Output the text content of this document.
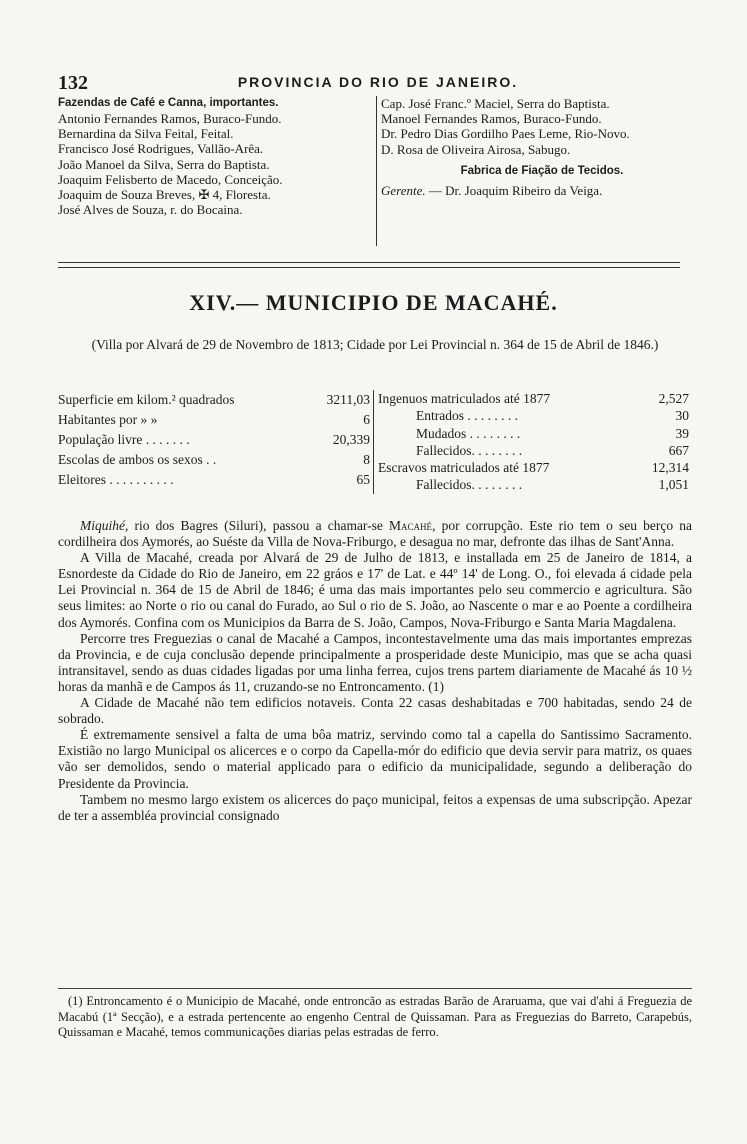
132	PROVINCIA DO RIO DE JANEIRO.
Fazendas de Café e Canna, importantes.
Antonio Fernandes Ramos, Buraco-Fundo.
Bernardina da Silva Feital, Feital.
Francisco José Rodrigues, Vallão-Arêa.
João Manoel da Silva, Serra do Baptista.
Joaquim Felisberto de Macedo, Conceição.
Joaquim de Souza Breves, ✠ 4, Floresta.
José Alves de Souza, r. do Bocaina.
Cap. José Franc.º Maciel, Serra do Baptista.
Manoel Fernandes Ramos, Buraco-Fundo.
Dr. Pedro Dias Gordilho Paes Leme, Rio-Novo.
D. Rosa de Oliveira Airosa, Sabugo.
Fabrica de Fiação de Tecidos.
Gerente. — Dr. Joaquim Ribeiro da Veiga.
XIV.— MUNICIPIO DE MACAHÉ.
(Villa por Alvará de 29 de Novembro de 1813; Cidade por Lei Provincial n. 364 de 15 de Abril de 1846.)
Superficie em kilom.² quadrados	3211,03
Habitantes por » »	6
População livre . . . . . . .	20,339
Escolas de ambos os sexos . .	8
Eleitores . . . . . . . . . .	65
Ingenuos matriculados até 1877	2,527
Entrados . . . . . . . .	30
Mudados . . . . . . . .	39
Fallecidos. . . . . . . .	667
Escravos matriculados até 1877	12,314
Fallecidos. . . . . . . .	1,051

Miquihé, rio dos Bagres (Siluri), passou a chamar-se Macahé, por corrupção. Este rio tem o seu berço na cordilheira dos Aymorés, ao Suéste da Villa de Nova-Friburgo, e desagua no mar, defronte das ilhas de Sant'Anna.

A Villa de Macahé, creada por Alvará de 29 de Julho de 1813, e installada em 25 de Janeiro de 1814, a Esnordeste da Cidade do Rio de Janeiro, em 22 gráos e 17' de Lat. e 44º 14' de Long. O., foi elevada á cidade pela Lei Provincial n. 364 de 15 de Abril de 1846; é uma das mais importantes pelo seu commercio e agricultura. São seus limites: ao Norte o rio ou canal do Furado, ao Sul o rio de S. João, ao Nascente o mar e ao Poente a cordilheira dos Aymorés. Confina com os Municipios da Barra de S. João, Campos, Nova-Friburgo e Santa Maria Magdalena.

Percorre tres Freguezias o canal de Macahé a Campos, incontestavelmente uma das mais importantes emprezas da Provincia, e de cuja conclusão depende principalmente a prosperidade deste Municipio, mas que se acha quasi intransitavel, sendo as duas cidades ligadas por uma linha ferrea, cujos trens partem diariamente de Macahé ás 10 ½ horas da manhã e de Campos ás 11, cruzando-se no Entroncamento. (1)

A Cidade de Macahé não tem edificios notaveis. Conta 22 casas deshabitadas e 700 habitadas, sendo 24 de sobrado.

É extremamente sensivel a falta de uma bôa matriz, servindo como tal a capella do Santissimo Sacramento. Existião no largo Municipal os alicerces e o corpo da Capella-mór do edificio que devia servir para matriz, os quaes vão ser demolidos, sendo o material applicado para o edificio da municipalidade, segundo a deliberação do Presidente da Provincia.

Tambem no mesmo largo existem os alicerces do paço municipal, feitos a expensas de uma subscripção. Apezar de ter a assembléa provincial consignado

(1) Entroncamento é o Municipio de Macahé, onde entroncão as estradas Barão de Araruama, que vai d'ahi á Freguezia de Macabú (1ª Secção), e a estrada pertencente ao engenho Central de Quissaman. Para as Freguezias do Barreto, Carapebús, Quissaman e Macahé, temos communicações diarias pelas estradas de ferro.
